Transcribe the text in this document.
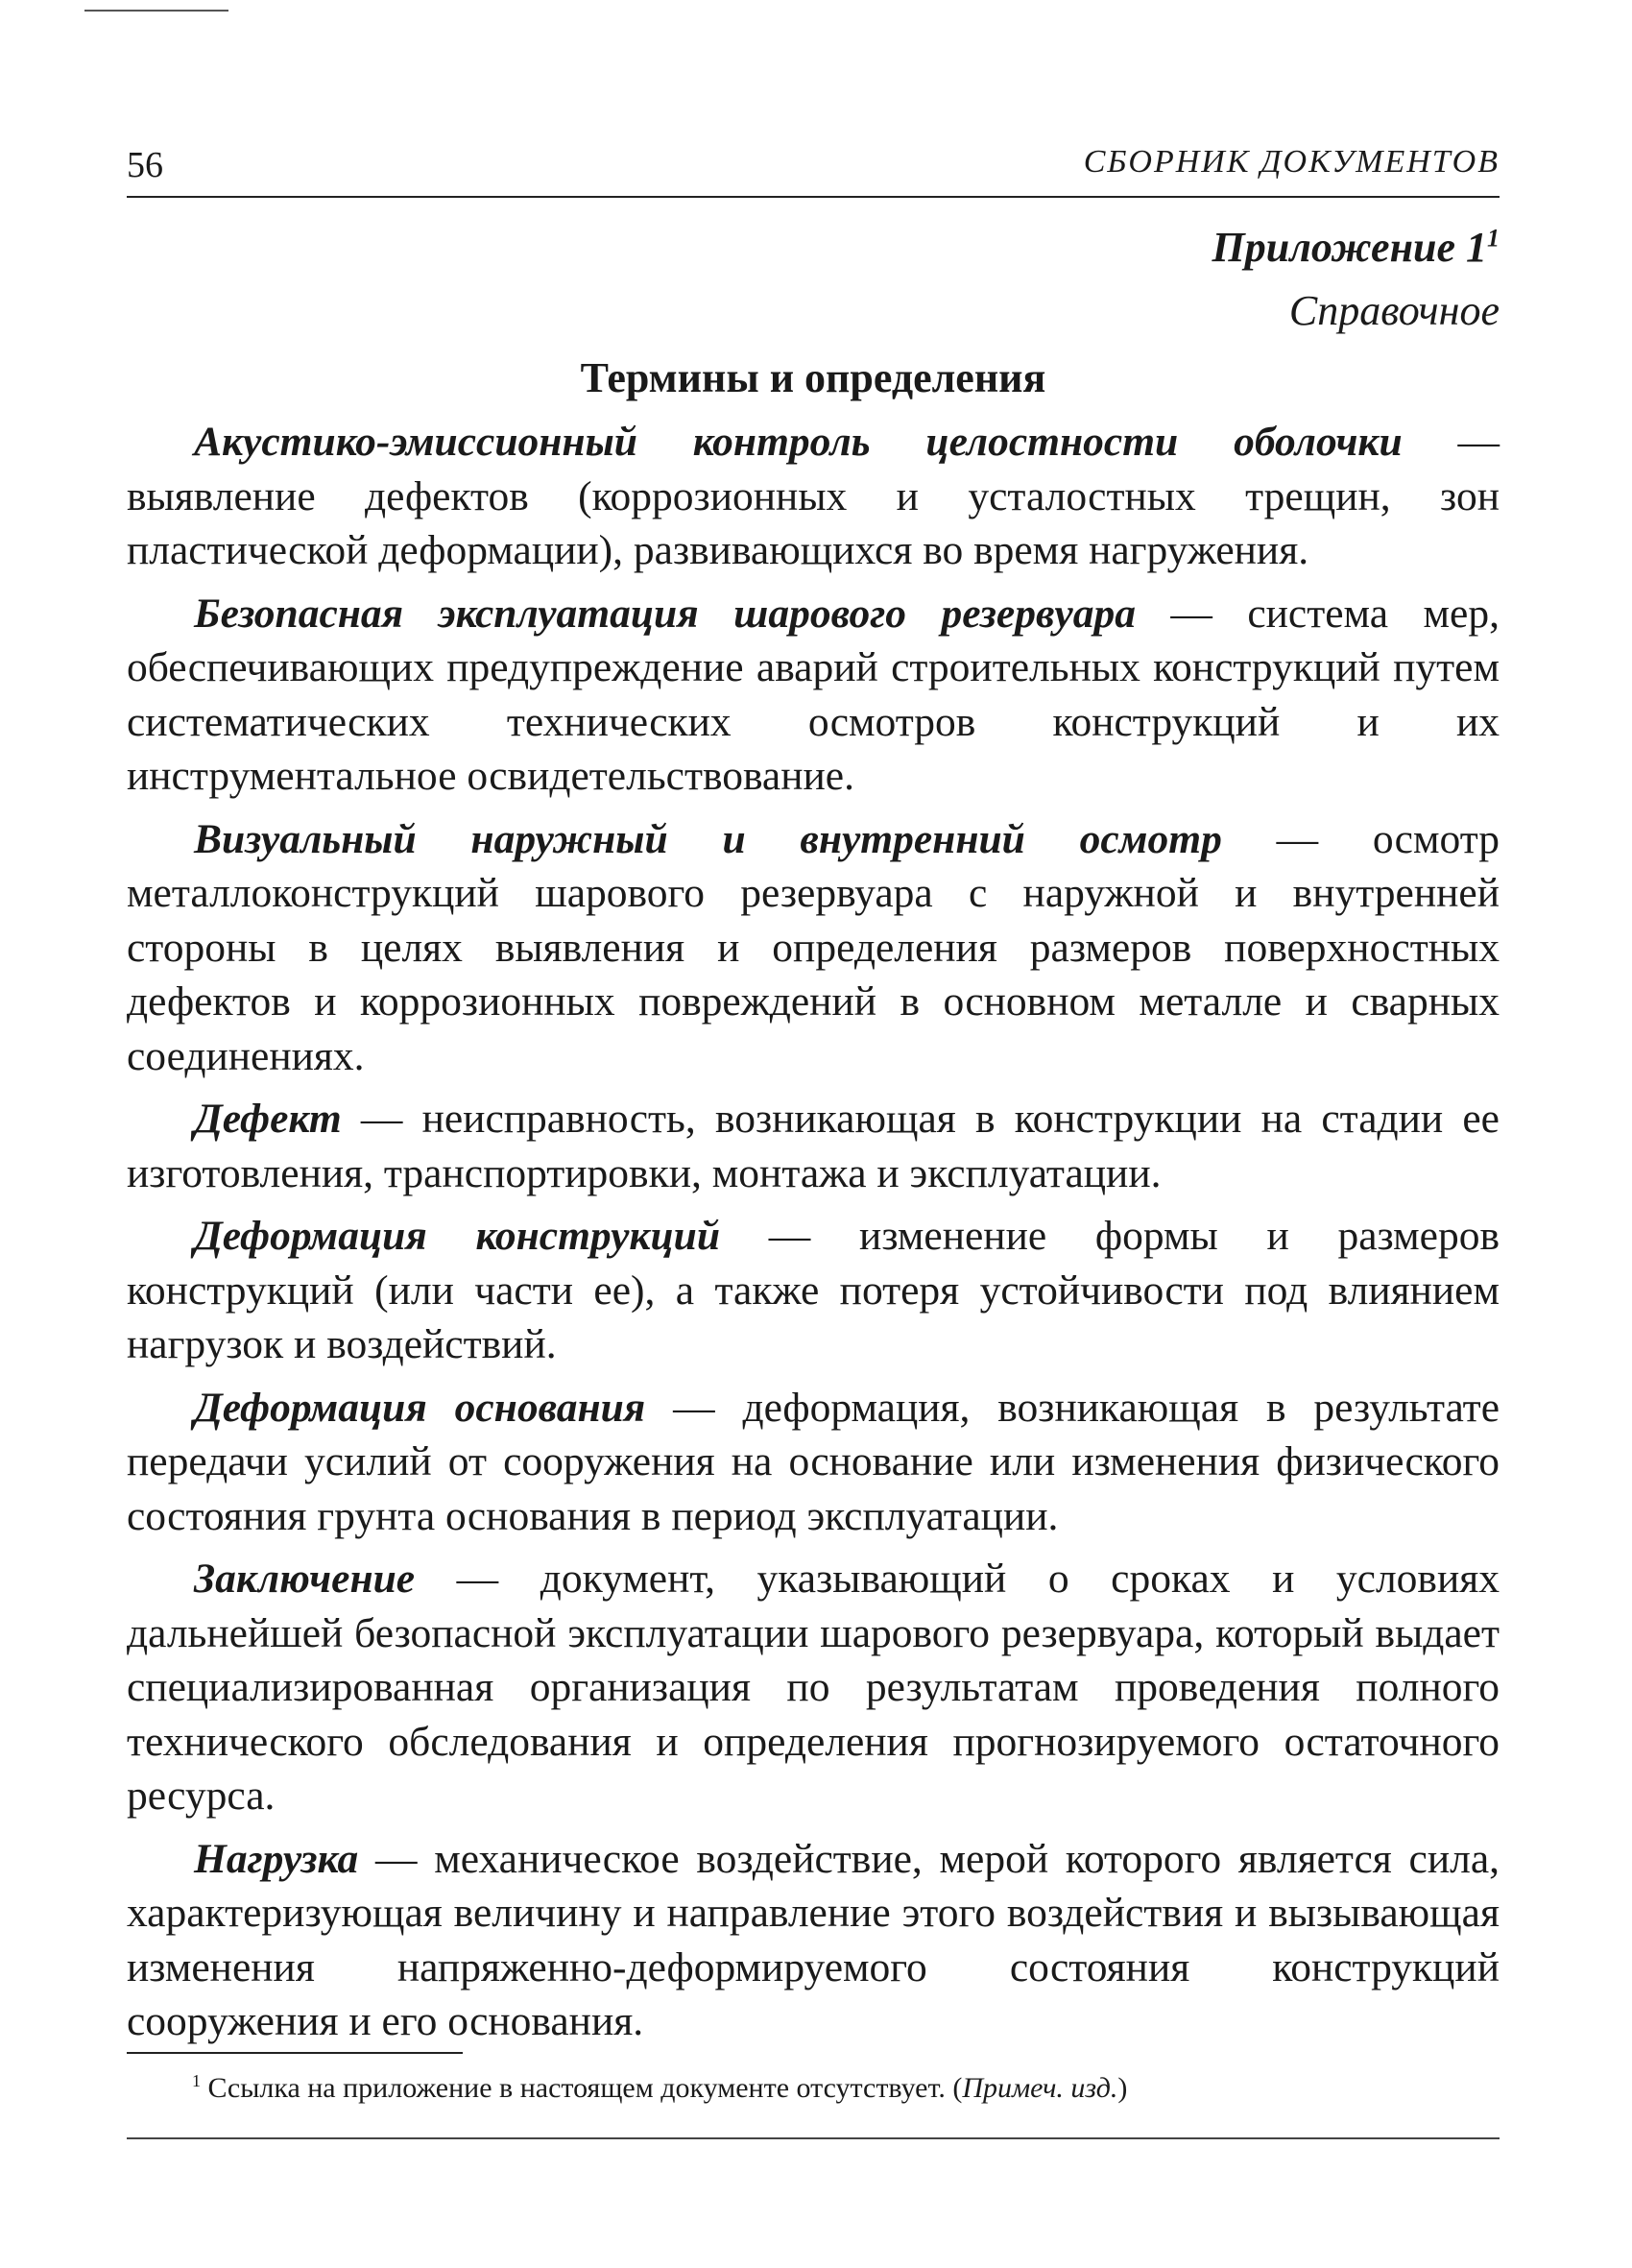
56	СБОРНИК ДОКУМЕНТОВ
Приложение $1^1$
Справочное
Термины и определения

Акустико-эмиссионный контроль целостности оболочки — выявление дефектов (коррозионных и усталостных трещин, зон пластической деформации), развивающихся во время нагружения.

Безопасная эксплуатация шарового резервуара — система мер, обеспечивающих предупреждение аварий строительных конструкций путем систематических технических осмотров конструкций и их инструментальное освидетельствование.

Визуальный наружный и внутренний осмотр — осмотр металлоконструкций шарового резервуара с наружной и внутренней стороны в целях выявления и определения размеров поверхностных дефектов и коррозионных повреждений в основном металле и сварных соединениях.

Дефект — неисправность, возникающая в конструкции на стадии ее изготовления, транспортировки, монтажа и эксплуатации.

Деформация конструкций — изменение формы и размеров конструкций (или части ее), а также потеря устойчивости под влиянием нагрузок и воздействий.

Деформация основания — деформация, возникающая в результате передачи усилий от сооружения на основание или изменения физического состояния грунта основания в период эксплуатации.

Заключение — документ, указывающий о сроках и условиях дальнейшей безопасной эксплуатации шарового резервуара, который выдает специализированная организация по результатам проведения полного технического обследования и определения прогнозируемого остаточного ресурса.

Нагрузка — механическое воздействие, мерой которого является сила, характеризующая величину и направление этого воздействия и вызывающая изменения напряженно-деформируемого состояния конструкций сооружения и его основания.

$^1$ Ссылка на приложение в настоящем документе отсутствует. (Примеч. изд.)
